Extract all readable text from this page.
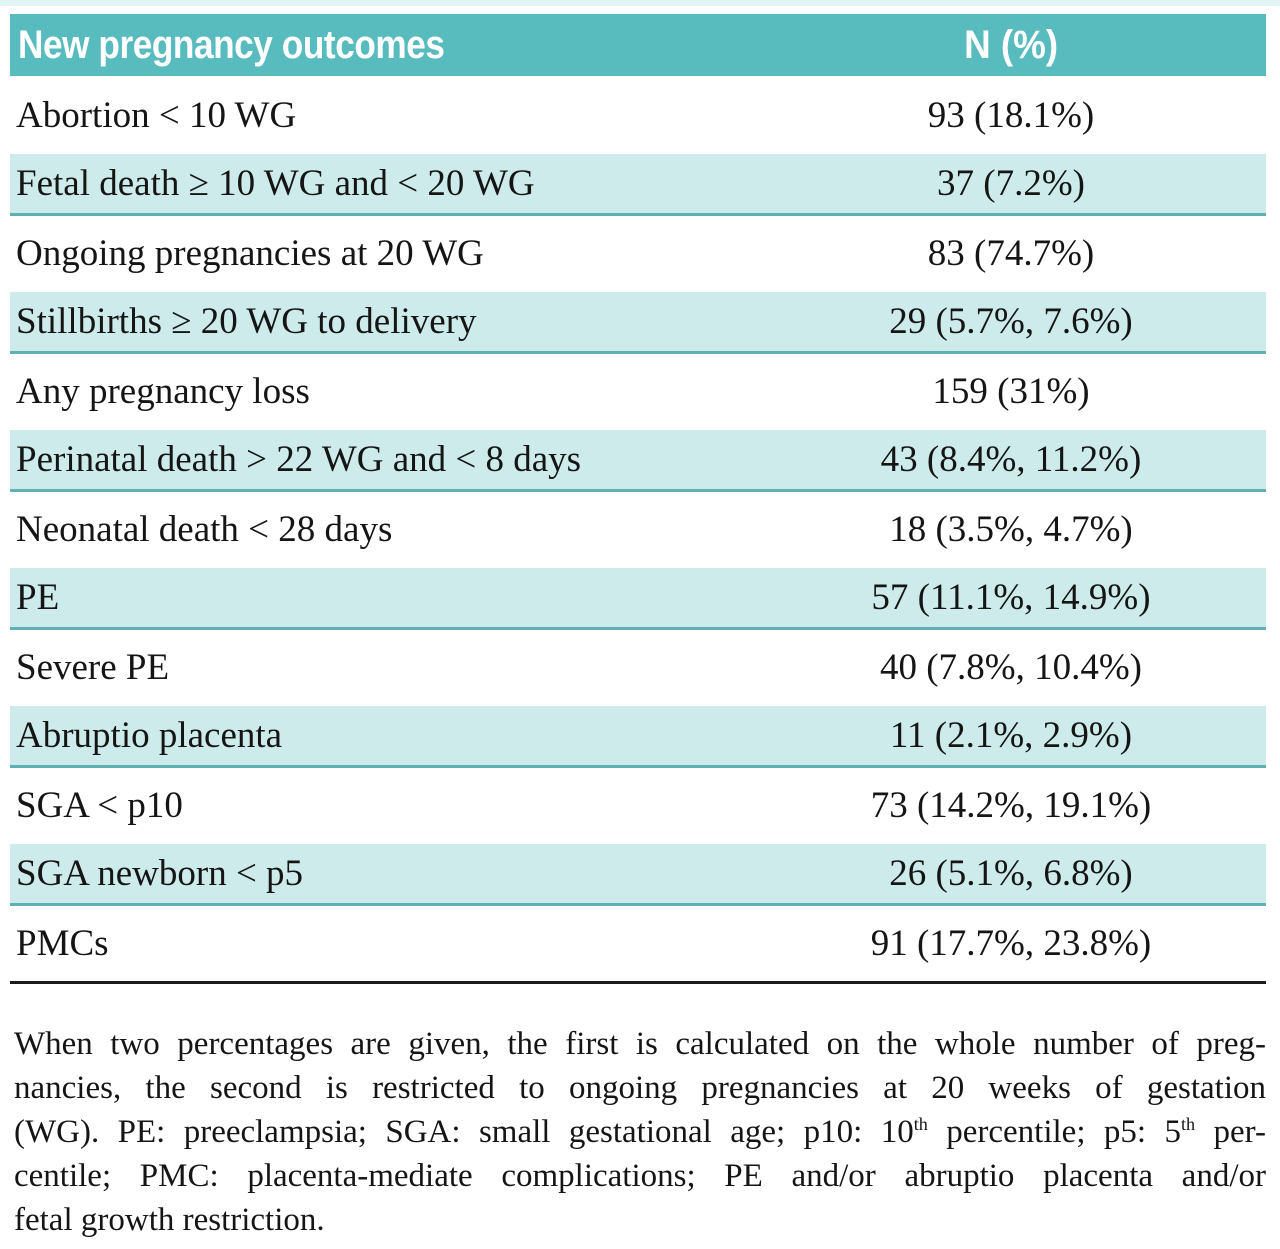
New pregnancy outcomes	N (%)
Abortion < 10 WG	93 (18.1%)
Fetal death ≥ 10 WG and < 20 WG	37 (7.2%)
Ongoing pregnancies at 20 WG	83 (74.7%)
Stillbirths ≥ 20 WG to delivery	29 (5.7%, 7.6%)
Any pregnancy loss	159 (31%)
Perinatal death > 22 WG and < 8 days	43 (8.4%, 11.2%)
Neonatal death < 28 days	18 (3.5%, 4.7%)
PE	57 (11.1%, 14.9%)
Severe PE	40 (7.8%, 10.4%)
Abruptio placenta	11 (2.1%, 2.9%)
SGA < p10	73 (14.2%, 19.1%)
SGA newborn < p5	26 (5.1%, 6.8%)
PMCs	91 (17.7%, 23.8%)
When two percentages are given, the first is calculated on the whole number of preg-
nancies, the second is restricted to ongoing pregnancies at 20 weeks of gestation
(WG). PE: preeclampsia; SGA: small gestational age; p10: 10th percentile; p5: 5th per-
centile; PMC: placenta-mediate complications; PE and/or abruptio placenta and/or
fetal growth restriction.
